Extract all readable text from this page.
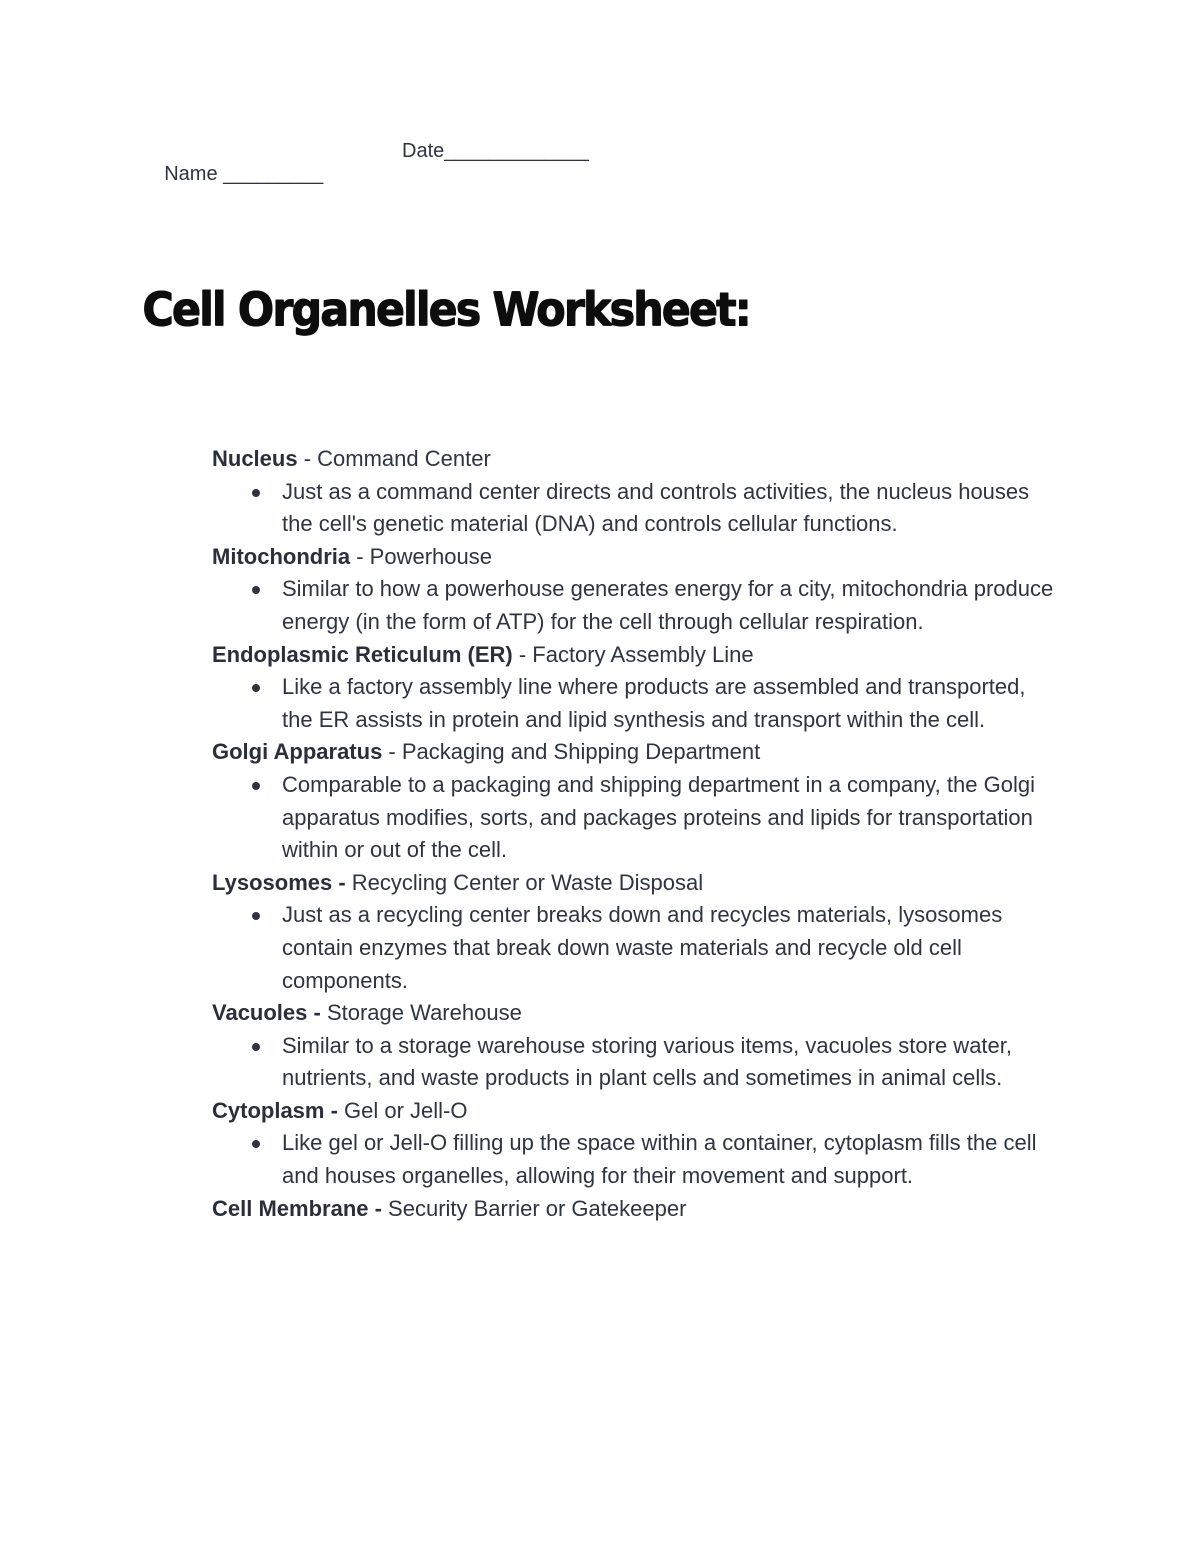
Name _________

Date_____________

Cell Organelles Worksheet:

Nucleus - Command Center

Just as a command center directs and controls activities, the nucleus houses the cell's genetic material (DNA) and controls cellular functions.

Mitochondria - Powerhouse

Similar to how a powerhouse generates energy for a city, mitochondria produce energy (in the form of ATP) for the cell through cellular respiration.

Endoplasmic Reticulum (ER) - Factory Assembly Line

Like a factory assembly line where products are assembled and transported, the ER assists in protein and lipid synthesis and transport within the cell.

Golgi Apparatus - Packaging and Shipping Department

Comparable to a packaging and shipping department in a company, the Golgi apparatus modifies, sorts, and packages proteins and lipids for transportation within or out of the cell.

Lysosomes - Recycling Center or Waste Disposal

Just as a recycling center breaks down and recycles materials, lysosomes contain enzymes that break down waste materials and recycle old cell components.

Vacuoles - Storage Warehouse

Similar to a storage warehouse storing various items, vacuoles store water, nutrients, and waste products in plant cells and sometimes in animal cells.

Cytoplasm - Gel or Jell-O

Like gel or Jell-O filling up the space within a container, cytoplasm fills the cell and houses organelles, allowing for their movement and support.

Cell Membrane - Security Barrier or Gatekeeper
